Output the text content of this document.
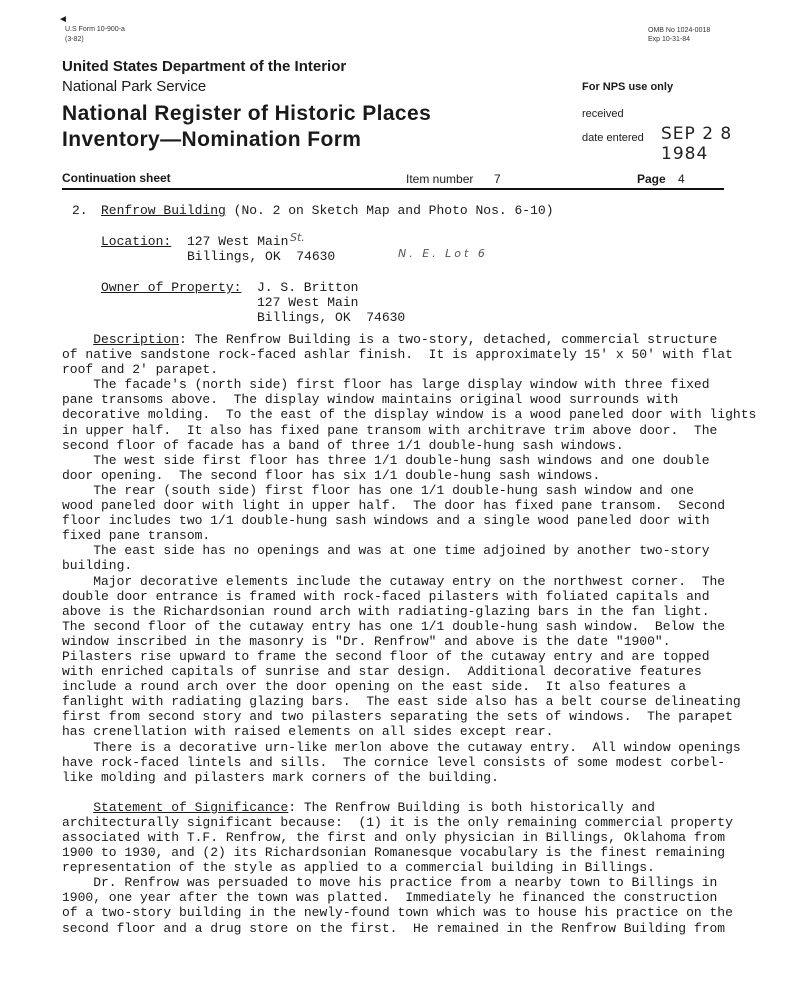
◄
U.S Form 10-900-a
(3-82)
OMB No 1024-0018
Exp 10-31-84
United States Department of the Interior
National Park Service
National Register of Historic Places
Inventory—Nomination Form
For NPS use only
received
date entered SEP 2 8 1984
Continuation sheet	Item number 7	Page 4
2. Renfrow Building (No. 2 on Sketch Map and Photo Nos. 6-10)
Location: 127 West Main St.
Billings, OK  74630	N. E. Lot 6
Owner of Property: J. S. Britton
127 West Main
Billings, OK  74630
Description: The Renfrow Building is a two-story, detached, commercial structure
of native sandstone rock-faced ashlar finish.  It is approximately 15' x 50' with flat
roof and 2' parapet.
The facade's (north side) first floor has large display window with three fixed
pane transoms above.  The display window maintains original wood surrounds with
decorative molding.  To the east of the display window is a wood paneled door with lights
in upper half.  It also has fixed pane transom with architrave trim above door.  The
second floor of facade has a band of three 1/1 double-hung sash windows.
The west side first floor has three 1/1 double-hung sash windows and one double
door opening.  The second floor has six 1/1 double-hung sash windows.
The rear (south side) first floor has one 1/1 double-hung sash window and one
wood paneled door with light in upper half.  The door has fixed pane transom.  Second
floor includes two 1/1 double-hung sash windows and a single wood paneled door with
fixed pane transom.
The east side has no openings and was at one time adjoined by another two-story
building.
Major decorative elements include the cutaway entry on the northwest corner.  The
double door entrance is framed with rock-faced pilasters with foliated capitals and
above is the Richardsonian round arch with radiating-glazing bars in the fan light.
The second floor of the cutaway entry has one 1/1 double-hung sash window.  Below the
window inscribed in the masonry is "Dr. Renfrow" and above is the date "1900".
Pilasters rise upward to frame the second floor of the cutaway entry and are topped
with enriched capitals of sunrise and star design.  Additional decorative features
include a round arch over the door opening on the east side.  It also features a
fanlight with radiating glazing bars.  The east side also has a belt course delineating
first from second story and two pilasters separating the sets of windows.  The parapet
has crenellation with raised elements on all sides except rear.
There is a decorative urn-like merlon above the cutaway entry.  All window openings
have rock-faced lintels and sills.  The cornice level consists of some modest corbel-
like molding and pilasters mark corners of the building.
Statement of Significance: The Renfrow Building is both historically and
architecturally significant because:  (1) it is the only remaining commercial property
associated with T.F. Renfrow, the first and only physician in Billings, Oklahoma from
1900 to 1930, and (2) its Richardsonian Romanesque vocabulary is the finest remaining
representation of the style as applied to a commercial building in Billings.
Dr. Renfrow was persuaded to move his practice from a nearby town to Billings in
1900, one year after the town was platted.  Immediately he financed the construction
of a two-story building in the newly-found town which was to house his practice on the
second floor and a drug store on the first.  He remained in the Renfrow Building from
